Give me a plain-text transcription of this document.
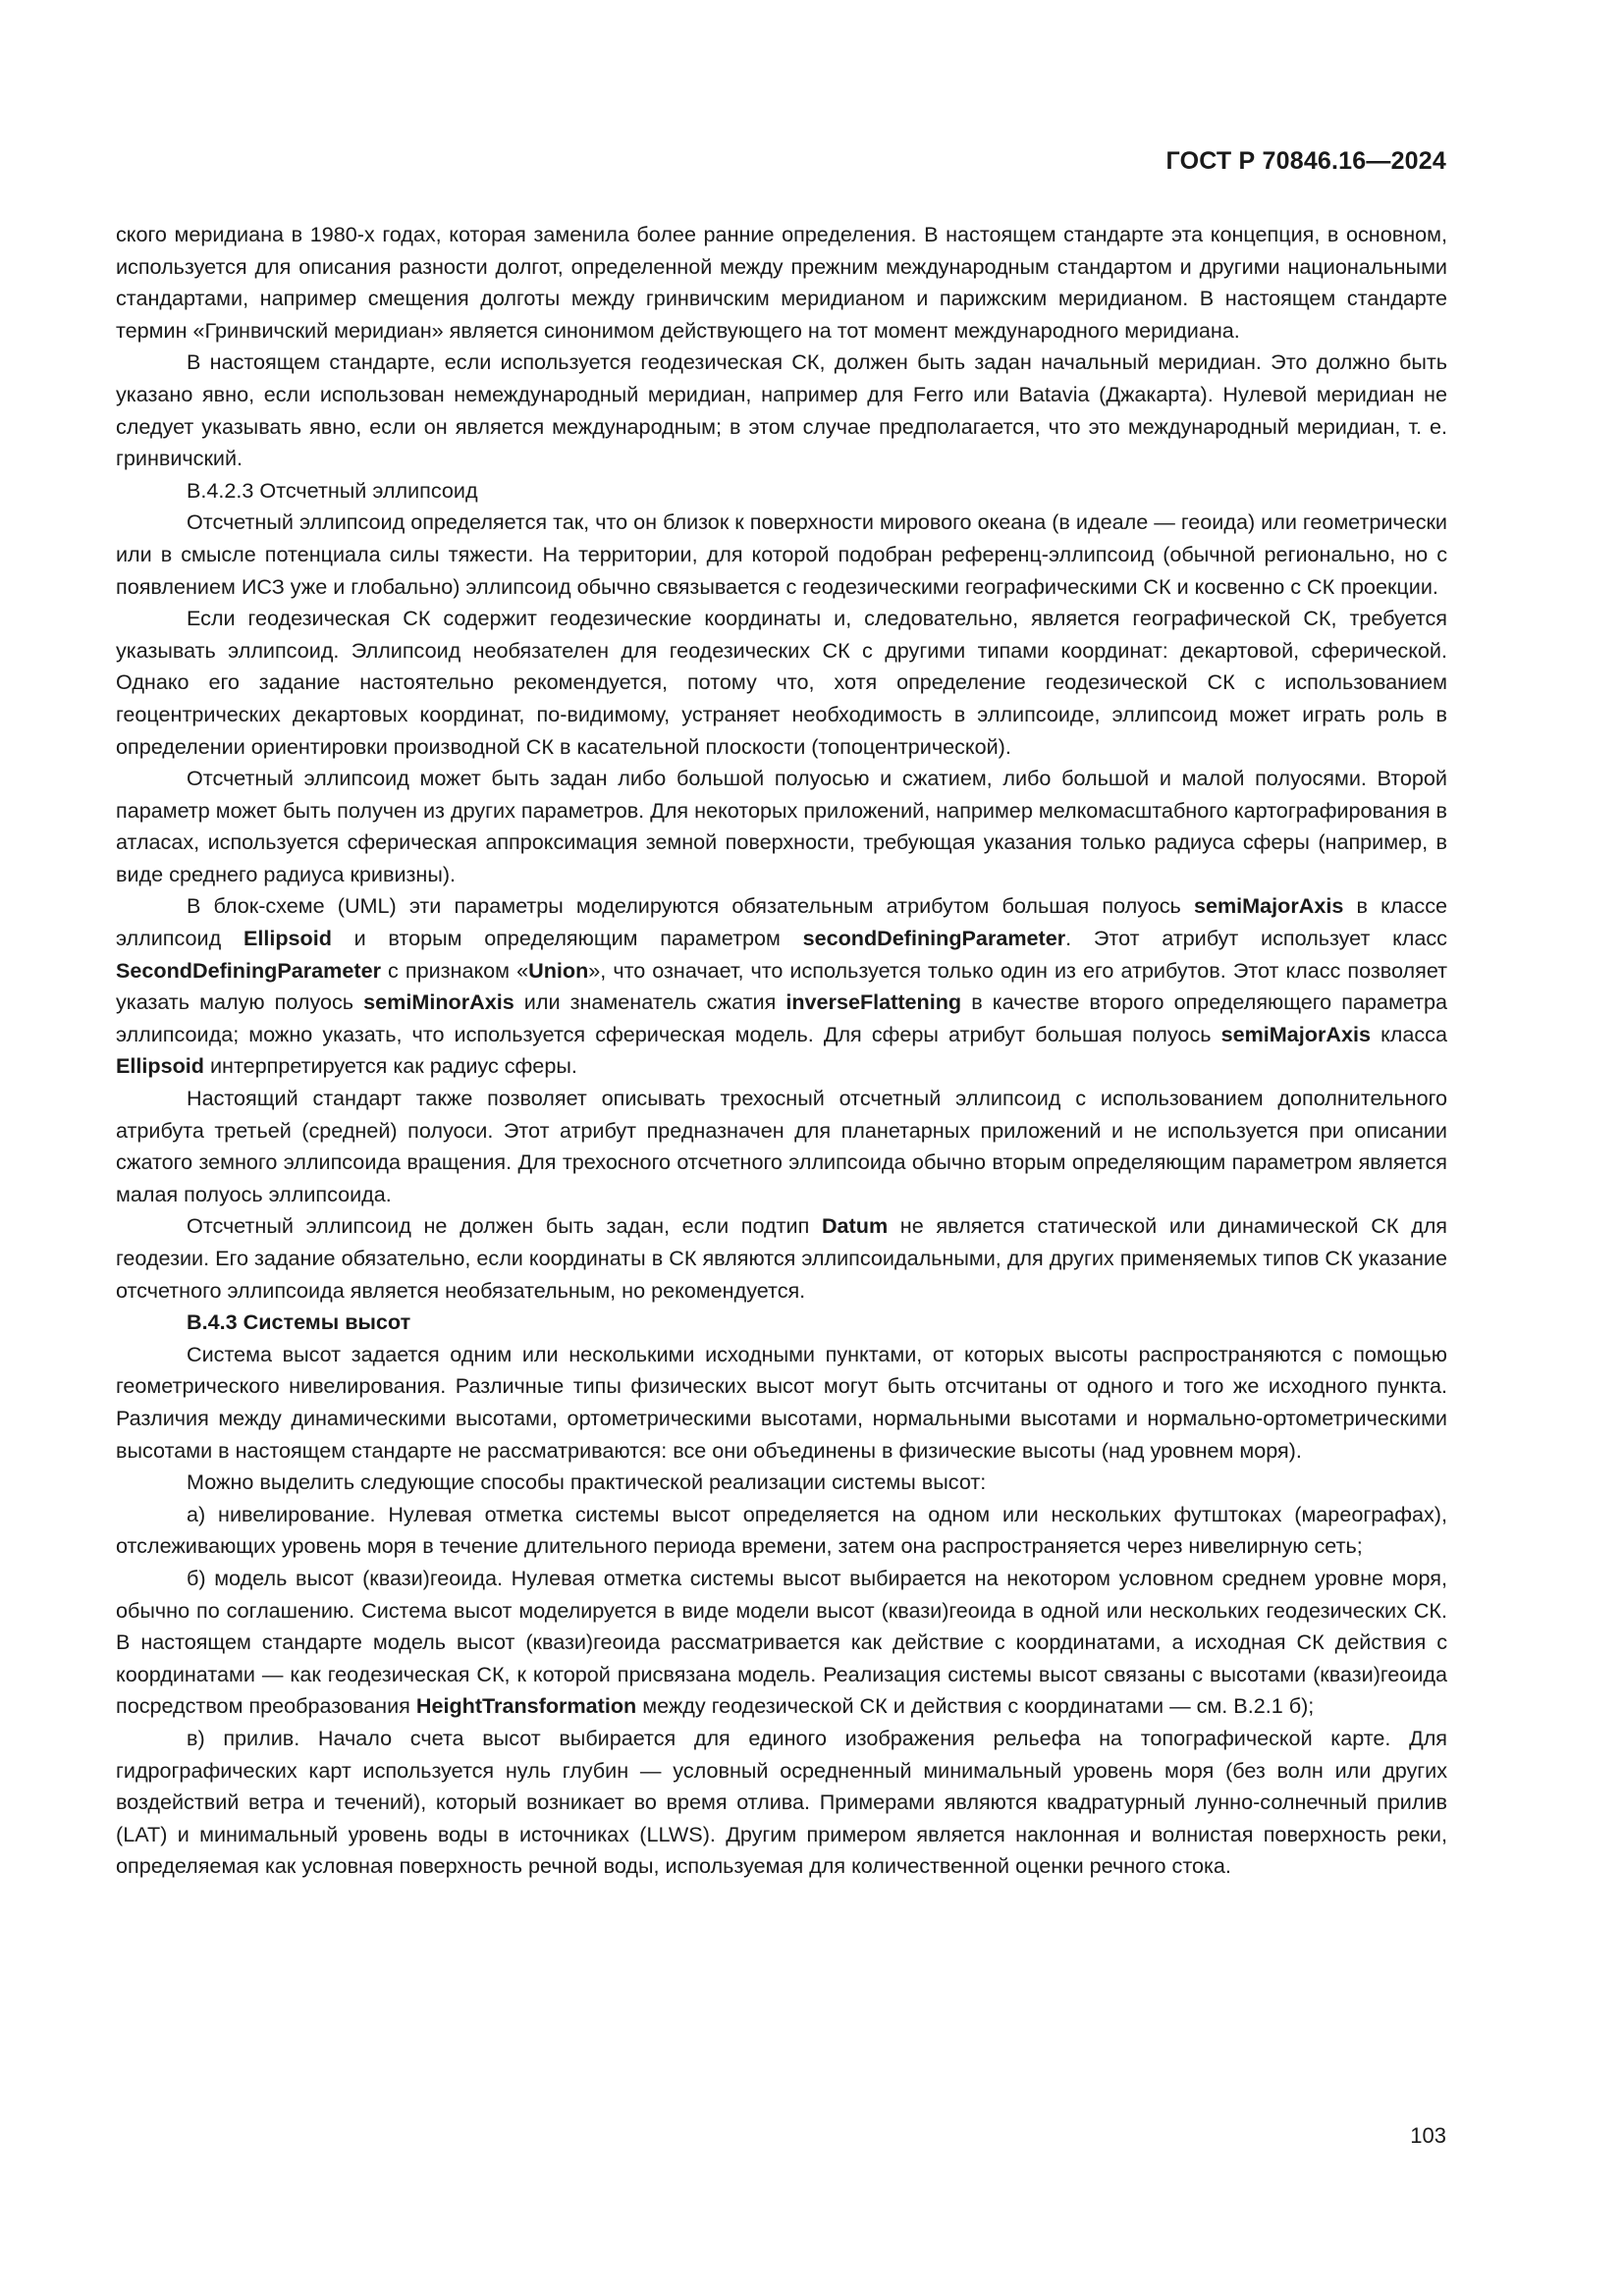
ГОСТ Р 70846.16—2024

ского меридиана в 1980-х годах, которая заменила более ранние определения. В настоящем стандарте эта концепция, в основном, используется для описания разности долгот, определенной между прежним международным стандартом и другими национальными стандартами, например смещения долготы между гринвичским меридианом и парижским меридианом. В настоящем стандарте термин «Гринвичский меридиан» является синонимом действующего на тот момент международного меридиана.

В настоящем стандарте, если используется геодезическая СК, должен быть задан начальный меридиан. Это должно быть указано явно, если использован немеждународный меридиан, например для Ferro или Batavia (Джакарта). Нулевой меридиан не следует указывать явно, если он является международным; в этом случае предполагается, что это международный меридиан, т. е. гринвичский.

В.4.2.3 Отсчетный эллипсоид

Отсчетный эллипсоид определяется так, что он близок к поверхности мирового океана (в идеале — геоида) или геометрически или в смысле потенциала силы тяжести. На территории, для которой подобран референц-эллипсоид (обычной регионально, но с появлением ИСЗ уже и глобально) эллипсоид обычно связывается с геодезическими географическими СК и косвенно с СК проекции.

Если геодезическая СК содержит геодезические координаты и, следовательно, является географической СК, требуется указывать эллипсоид. Эллипсоид необязателен для геодезических СК с другими типами координат: декартовой, сферической. Однако его задание настоятельно рекомендуется, потому что, хотя определение геодезической СК с использованием геоцентрических декартовых координат, по-видимому, устраняет необходимость в эллипсоиде, эллипсоид может играть роль в определении ориентировки производной СК в касательной плоскости (топоцентрической).

Отсчетный эллипсоид может быть задан либо большой полуосью и сжатием, либо большой и малой полуосями. Второй параметр может быть получен из других параметров. Для некоторых приложений, например мелкомасштабного картографирования в атласах, используется сферическая аппроксимация земной поверхности, требующая указания только радиуса сферы (например, в виде среднего радиуса кривизны).

В блок-схеме (UML) эти параметры моделируются обязательным атрибутом большая полуось semiMajorAxis в классе эллипсоид Ellipsoid и вторым определяющим параметром secondDefiningParameter. Этот атрибут использует класс SecondDefiningParameter с признаком «Union», что означает, что используется только один из его атрибутов. Этот класс позволяет указать малую полуось semiMinorAxis или знаменатель сжатия inverseFlattening в качестве второго определяющего параметра эллипсоида; можно указать, что используется сферическая модель. Для сферы атрибут большая полуось semiMajorAxis класса Ellipsoid интерпретируется как радиус сферы.

Настоящий стандарт также позволяет описывать трехосный отсчетный эллипсоид с использованием дополнительного атрибута третьей (средней) полуоси. Этот атрибут предназначен для планетарных приложений и не используется при описании сжатого земного эллипсоида вращения. Для трехосного отсчетного эллипсоида обычно вторым определяющим параметром является малая полуось эллипсоида.

Отсчетный эллипсоид не должен быть задан, если подтип Datum не является статической или динамической СК для геодезии. Его задание обязательно, если координаты в СК являются эллипсоидальными, для других применяемых типов СК указание отсчетного эллипсоида является необязательным, но рекомендуется.

В.4.3 Системы высот

Система высот задается одним или несколькими исходными пунктами, от которых высоты распространяются с помощью геометрического нивелирования. Различные типы физических высот могут быть отсчитаны от одного и того же исходного пункта. Различия между динамическими высотами, ортометрическими высотами, нормальными высотами и нормально-ортометрическими высотами в настоящем стандарте не рассматриваются: все они объединены в физические высоты (над уровнем моря).

Можно выделить следующие способы практической реализации системы высот:

а) нивелирование. Нулевая отметка системы высот определяется на одном или нескольких футштоках (мареографах), отслеживающих уровень моря в течение длительного периода времени, затем она распространяется через нивелирную сеть;

б) модель высот (квази)геоида. Нулевая отметка системы высот выбирается на некотором условном среднем уровне моря, обычно по соглашению. Система высот моделируется в виде модели высот (квази)геоида в одной или нескольких геодезических СК. В настоящем стандарте модель высот (квази)геоида рассматривается как действие с координатами, а исходная СК действия с координатами — как геодезическая СК, к которой присвязана модель. Реализация системы высот связаны с высотами (квази)геоида посредством преобразования HeightTransformation между геодезической СК и действия с координатами — см. В.2.1 б);

в) прилив. Начало счета высот выбирается для единого изображения рельефа на топографической карте. Для гидрографических карт используется нуль глубин — условный осредненный минимальный уровень моря (без волн или других воздействий ветра и течений), который возникает во время отлива. Примерами являются квадратурный лунно-солнечный прилив (LAT) и минимальный уровень воды в источниках (LLWS). Другим примером является наклонная и волнистая поверхность реки, определяемая как условная поверхность речной воды, используемая для количественной оценки речного стока.

103
